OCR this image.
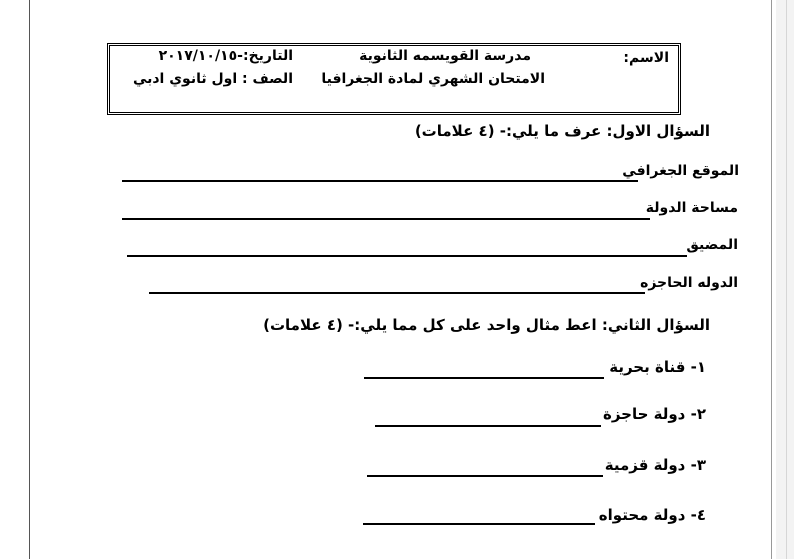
الاسم:
مدرسة القويسمه الثانوية
التاريخ:-٢٠١٧/١٠/١٥
الامتحان الشهري لمادة الجغرافيا
الصف : اول ثانوي ادبي
السؤال الاول: عرف ما يلي:- (٤ علامات)
الموقع الجغرافي
مساحة الدولة
المضيق
الدوله الحاجزه
السؤال الثاني: اعط مثال واحد على كل مما يلي:- (٤ علامات)
١- قناة بحرية
٢- دولة حاجزة
٣- دولة قزمية
٤- دولة محتواه
